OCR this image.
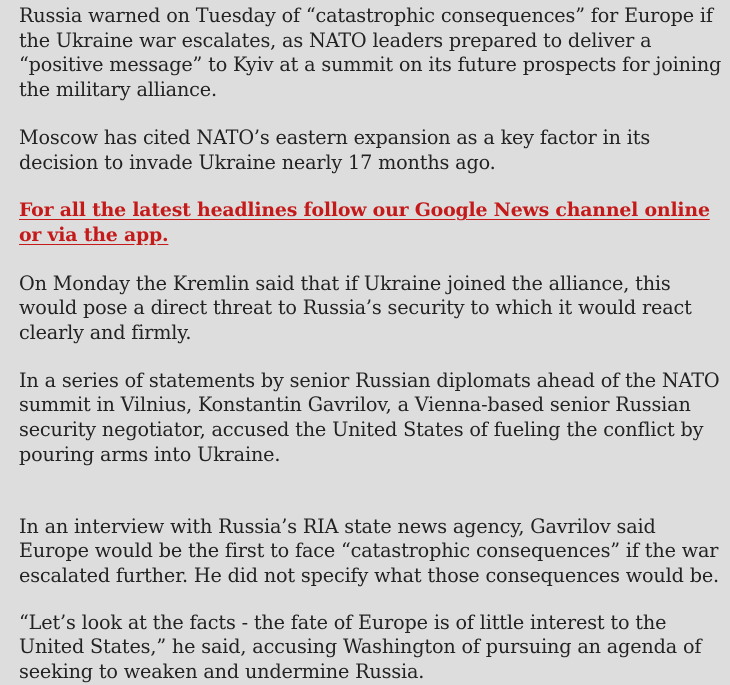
Russia warned on Tuesday of “catastrophic consequences” for Europe if the Ukraine war escalates, as NATO leaders prepared to deliver a “positive message” to Kyiv at a summit on its future prospects for joining the military alliance.

Moscow has cited NATO’s eastern expansion as a key factor in its decision to invade Ukraine nearly 17 months ago.

For all the latest headlines follow our Google News channel online or via the app.

On Monday the Kremlin said that if Ukraine joined the alliance, this would pose a direct threat to Russia’s security to which it would react clearly and firmly.

In a series of statements by senior Russian diplomats ahead of the NATO summit in Vilnius, Konstantin Gavrilov, a Vienna-based senior Russian security negotiator, accused the United States of fueling the conflict by pouring arms into Ukraine.

In an interview with Russia’s RIA state news agency, Gavrilov said Europe would be the first to face “catastrophic consequences” if the war escalated further. He did not specify what those consequences would be.

“Let’s look at the facts - the fate of Europe is of little interest to the United States,” he said, accusing Washington of pursuing an agenda of seeking to weaken and undermine Russia.
